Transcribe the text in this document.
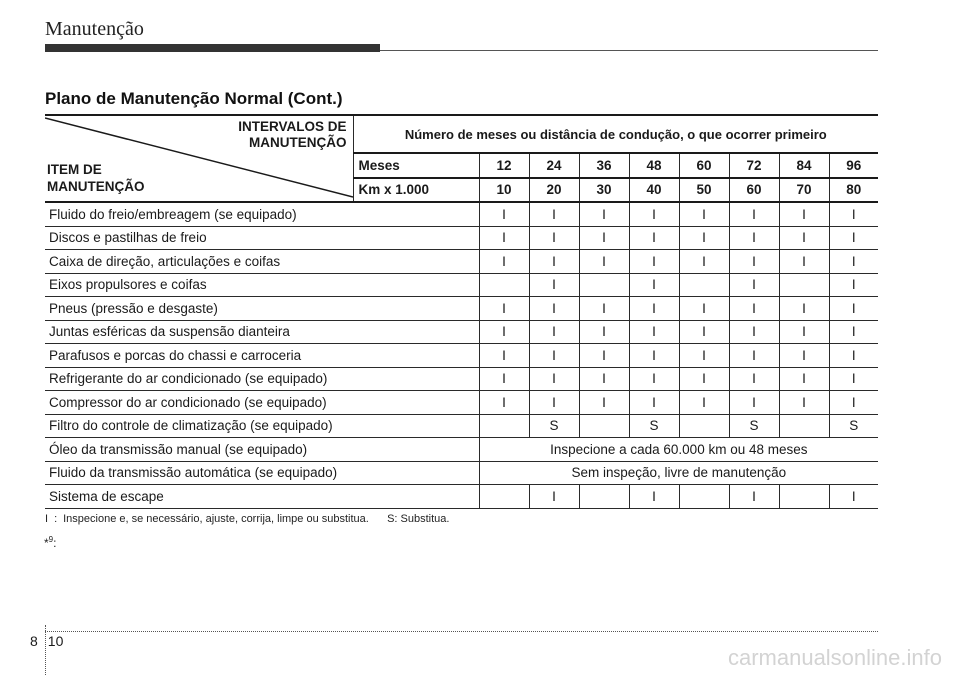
Manutenção
Plano de Manutenção Normal (Cont.)
INTERVALOS DE
MANUTENÇÃO
ITEM DE
MANUTENÇÃO	Número de meses ou distância de condução, o que ocorrer primeiro								
	Meses	12	24	36	48	60	72	84	96
	Km x 1.000	10	20	30	40	50	60	70	80
Fluido do freio/embreagem (se equipado)		I	I	I	I	I	I	I	I
Discos e pastilhas de freio		I	I	I	I	I	I	I	I
Caixa de direção, articulações e coifas		I	I	I	I	I	I	I	I
Eixos propulsores e coifas			I		I		I		I
Pneus (pressão e desgaste)		I	I	I	I	I	I	I	I
Juntas esféricas da suspensão dianteira		I	I	I	I	I	I	I	I
Parafusos e porcas do chassi e carroceria		I	I	I	I	I	I	I	I
Refrigerante do ar condicionado (se equipado)		I	I	I	I	I	I	I	I
Compressor do ar condicionado (se equipado)		I	I	I	I	I	I	I	I
Filtro do controle de climatização (se equipado)			S		S		S		S
Óleo da transmissão manual (se equipado)		Inspecione a cada 60.000 km ou 48 meses							
Fluido da transmissão automática (se equipado)		Sem inspeção, livre de manutenção							
Sistema de escape			I		I		I		I
I : Inspecione e, se necessário, ajuste, corrija, limpe ou substitua. S: Substitua.
*$^9$:
8 10
carmanualsonline.info
